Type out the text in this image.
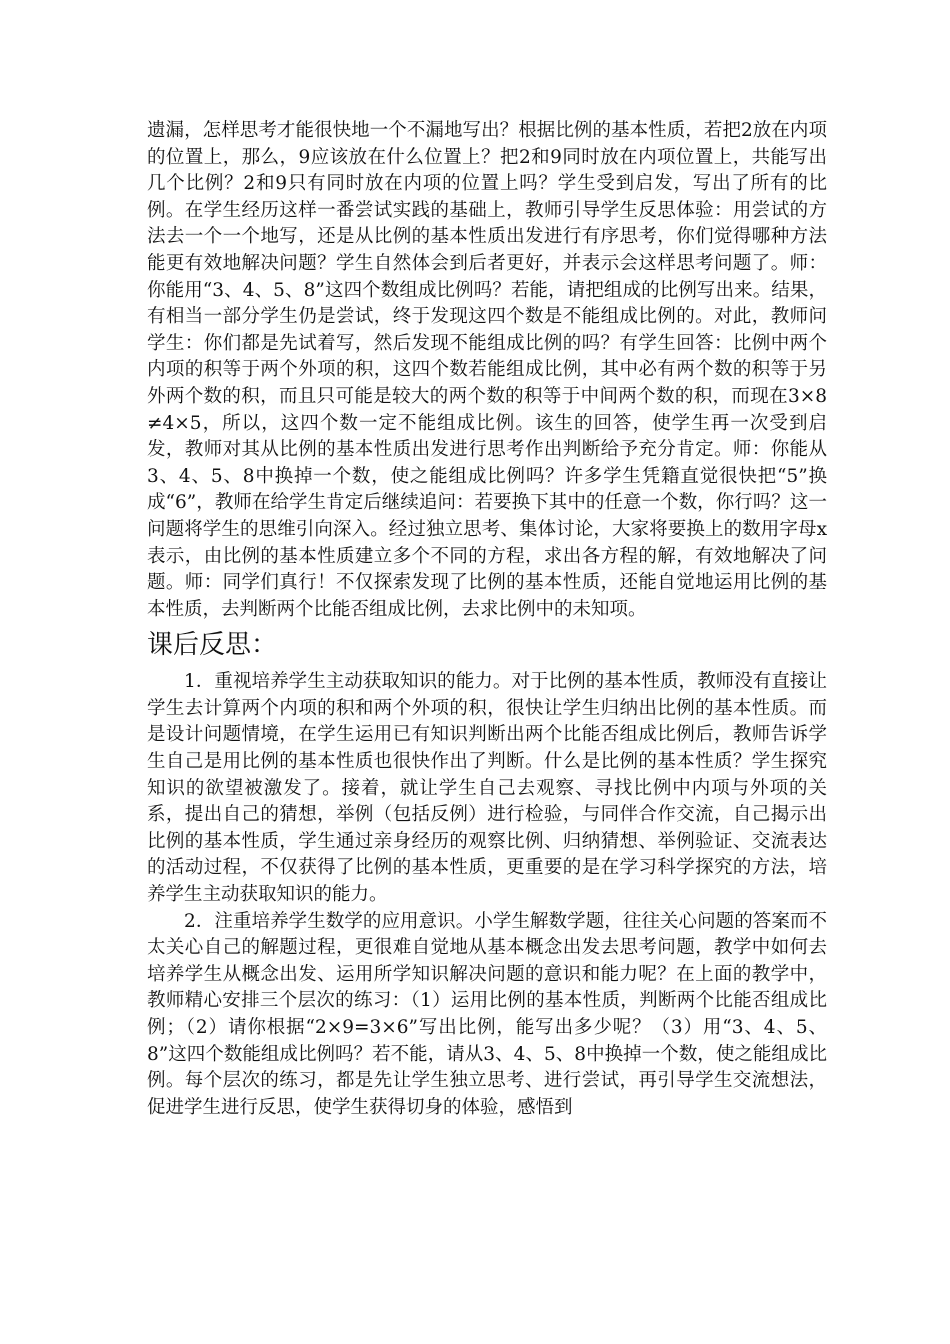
遗漏，怎样思考才能很快地一个不漏地写出？根据比例的基本性质，若把2放在内项的位置上，那么，9应该放在什么位置上？把2和9同时放在内项位置上，共能写出几个比例？2和9只有同时放在内项的位置上吗？学生受到启发，写出了所有的比例。在学生经历这样一番尝试实践的基础上，教师引导学生反思体验：用尝试的方法去一个一个地写，还是从比例的基本性质出发进行有序思考，你们觉得哪种方法能更有效地解决问题？学生自然体会到后者更好，并表示会这样思考问题了。师：你能用“3、4、5、8”这四个数组成比例吗？若能，请把组成的比例写出来。结果，有相当一部分学生仍是尝试，终于发现这四个数是不能组成比例的。对此，教师问学生：你们都是先试着写，然后发现不能组成比例的吗？有学生回答：比例中两个内项的积等于两个外项的积，这四个数若能组成比例，其中必有两个数的积等于另外两个数的积，而且只可能是较大的两个数的积等于中间两个数的积，而现在3×8≠4×5，所以，这四个数一定不能组成比例。该生的回答，使学生再一次受到启发，教师对其从比例的基本性质出发进行思考作出判断给予充分肯定。师：你能从3、4、5、8中换掉一个数，使之能组成比例吗？许多学生凭籍直觉很快把“5”换成“6”，教师在给学生肯定后继续追问：若要换下其中的任意一个数，你行吗？这一问题将学生的思维引向深入。经过独立思考、集体讨论，大家将要换上的数用字母x表示，由比例的基本性质建立多个不同的方程，求出各方程的解，有效地解决了问题。师：同学们真行！不仅探索发现了比例的基本性质，还能自觉地运用比例的基本性质，去判断两个比能否组成比例，去求比例中的未知项。

课后反思：

1．重视培养学生主动获取知识的能力。对于比例的基本性质，教师没有直接让学生去计算两个内项的积和两个外项的积，很快让学生归纳出比例的基本性质。而是设计问题情境，在学生运用已有知识判断出两个比能否组成比例后，教师告诉学生自己是用比例的基本性质也很快作出了判断。什么是比例的基本性质？学生探究知识的欲望被激发了。接着，就让学生自己去观察、寻找比例中内项与外项的关系，提出自己的猜想，举例（包括反例）进行检验，与同伴合作交流，自己揭示出比例的基本性质，学生通过亲身经历的观察比例、归纳猜想、举例验证、交流表达的活动过程，不仅获得了比例的基本性质，更重要的是在学习科学探究的方法，培养学生主动获取知识的能力。

2．注重培养学生数学的应用意识。小学生解数学题，往往关心问题的答案而不太关心自己的解题过程，更很难自觉地从基本概念出发去思考问题，教学中如何去培养学生从概念出发、运用所学知识解决问题的意识和能力呢？在上面的教学中，教师精心安排三个层次的练习：（1）运用比例的基本性质，判断两个比能否组成比例；（2）请你根据“2×9=3×6”写出比例，能写出多少呢？（3）用“3、4、5、8”这四个数能组成比例吗？若不能，请从3、4、5、8中换掉一个数，使之能组成比例。每个层次的练习，都是先让学生独立思考、进行尝试，再引导学生交流想法，促进学生进行反思，使学生获得切身的体验，感悟到
